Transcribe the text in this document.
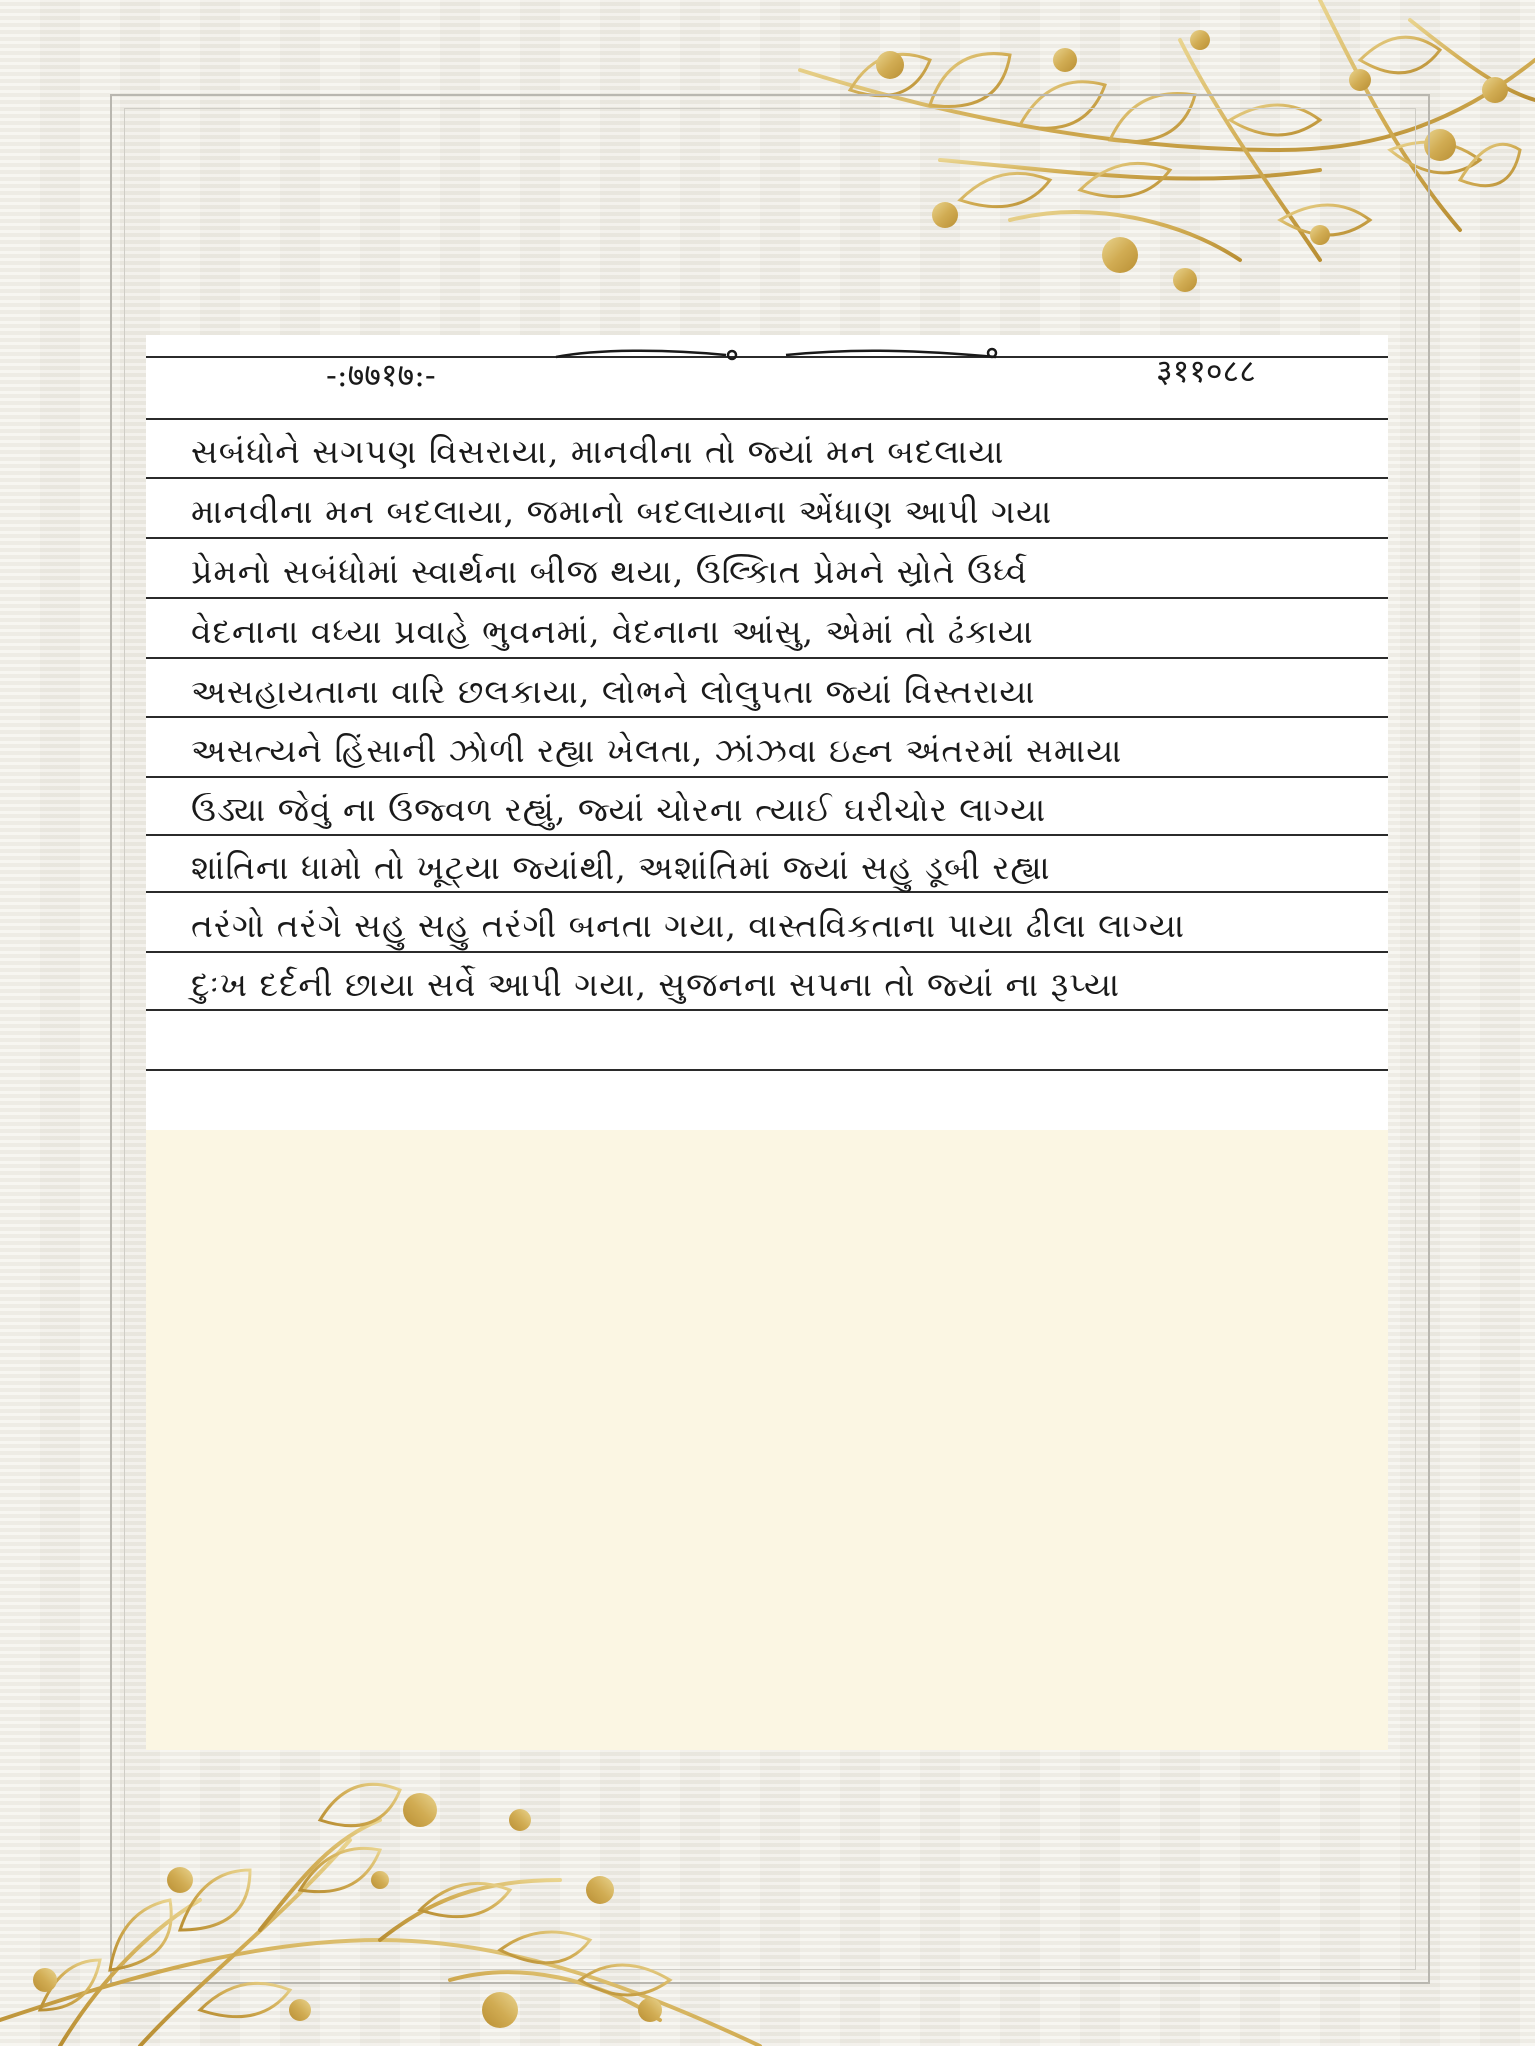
-:७७१७:-	३११०८८
સબંધોને સગપણ વિસરાયા, માનવીના તો જ્યાં મન બદલાયા
માનવીના મન બદલાયા, જમાનો બદલાયાના એંધાણ આપી ગયા
પ્રેમનો સબંધોમાં સ્વાર્થના બીજ થયા, ઉલ્કાિત પ્રેમને સ્રોતે ઉર્ધ્વ
વેદનાના વધ્યા પ્રવાહે ભુવનમાં, વેદનાના આંસુ, એમાં તો ઢંકાયા
અસહાયતાના વારિ છલકાયા, લોભને લોલુપતા જ્યાં વિસ્તરાયા
અસત્યને હિંસાની ઝોળી રહ્યા ખેલતા, ઝાંઝવા ઇહ્ન અંતરમાં સમાયા
ઉડ્યા જેવું ના ઉજ્વળ રહ્યું, જ્યાં ચોરના ત્યાઈ ઘરીચોર લાગ્યા
શાંતિના ધામો તો ખૂટ્યા જ્યાંથી, અશાંતિમાં જ્યાં સહુ ડૂબી રહ્યા
તરંગો તરંગે સહુ સહુ તરંગી બનતા ગયા, વાસ્તવિકતાના પાયા ઢીલા લાગ્યા
દુઃખ દર્દની છાયા સર્વે આપી ગયા, સુજનના સપના તો જ્યાં ના રૂપ્યા
